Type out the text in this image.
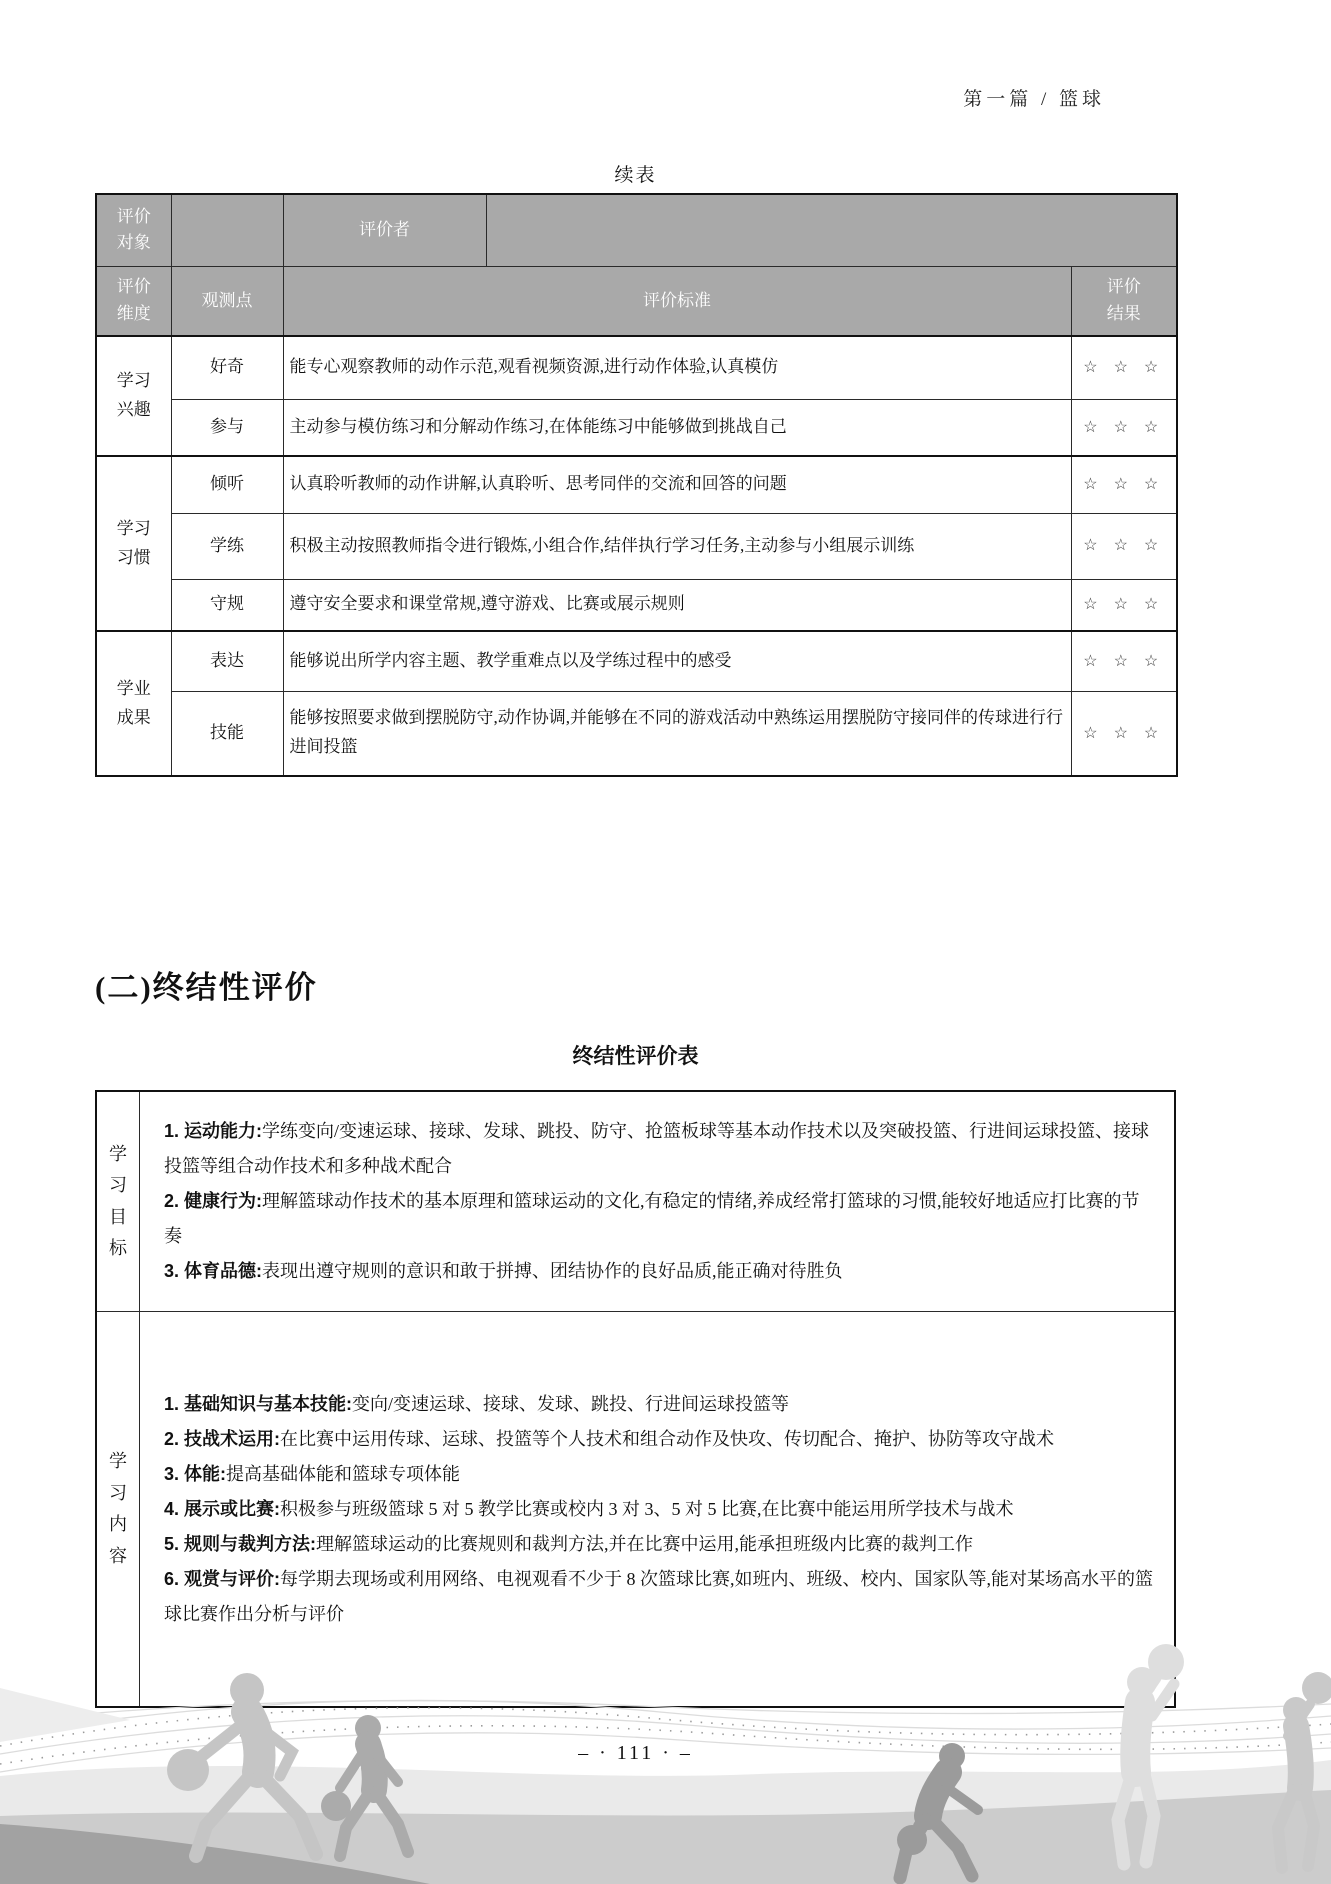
第一篇 / 篮球
续表
评价对象		评价者		

评价维度	观测点	评价标准		评价结果

学习兴趣	好奇	能专心观察教师的动作示范,观看视频资源,进行动作体验,认真模仿		☆ ☆ ☆
	参与	主动参与模仿练习和分解动作练习,在体能练习中能够做到挑战自己		☆ ☆ ☆

学习习惯	倾听	认真聆听教师的动作讲解,认真聆听、思考同伴的交流和回答的问题		☆ ☆ ☆
	学练	积极主动按照教师指令进行锻炼,小组合作,结伴执行学习任务,主动参与小组展示训练		☆ ☆ ☆
	守规	遵守安全要求和课堂常规,遵守游戏、比赛或展示规则		☆ ☆ ☆

学业成果	表达	能够说出所学内容主题、教学重难点以及学练过程中的感受		☆ ☆ ☆
	技能	能够按照要求做到摆脱防守,动作协调,并能够在不同的游戏活动中熟练运用摆脱防守接同伴的传球进行行进间投篮		☆ ☆ ☆
(二)终结性评价
终结性评价表
学习目标	1. 运动能力:学练变向/变速运球、接球、发球、跳投、防守、抢篮板球等基本动作技术以及突破投篮、行进间运球投篮、接球投篮等组合动作技术和多种战术配合

2. 健康行为:理解篮球动作技术的基本原理和篮球运动的文化,有稳定的情绪,养成经常打篮球的习惯,能较好地适应打比赛的节奏

3. 体育品德:表现出遵守规则的意识和敢于拼搏、团结协作的良好品质,能正确对待胜负

学习内容

1. 基础知识与基本技能:变向/变速运球、接球、发球、跳投、行进间运球投篮等

2. 技战术运用:在比赛中运用传球、运球、投篮等个人技术和组合动作及快攻、传切配合、掩护、协防等攻守战术

3. 体能:提高基础体能和篮球专项体能

4. 展示或比赛:积极参与班级篮球 5 对 5 教学比赛或校内 3 对 3、5 对 5 比赛,在比赛中能运用所学技术与战术

5. 规则与裁判方法:理解篮球运动的比赛规则和裁判方法,并在比赛中运用,能承担班级内比赛的裁判工作

6. 观赏与评价:每学期去现场或利用网络、电视观看不少于 8 次篮球比赛,如班内、班级、校内、国家队等,能对某场高水平的篮球比赛作出分析与评价

– · 111 · –
